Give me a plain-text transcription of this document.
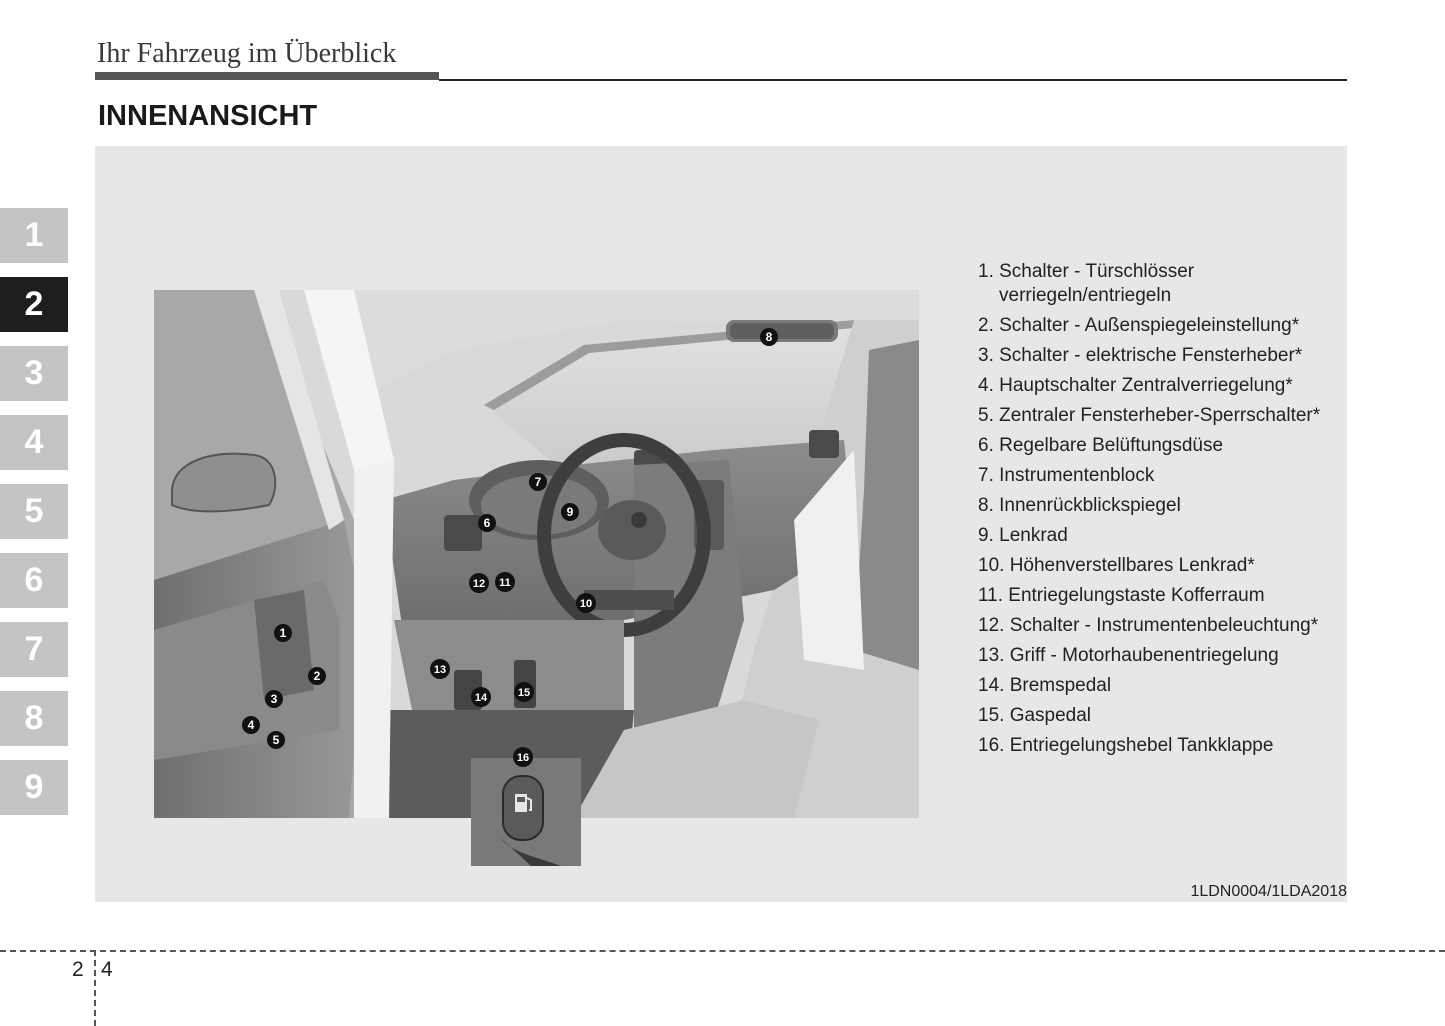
Ihr Fahrzeug im Überblick
INNENANSICHT
1
2
3
4
5
6
7
8
9
1
2
3
4
5
6
7
8
9
10
11
12
13
14	15
16
1. Schalter - Türschlösser
verriegeln/entriegeln
2. Schalter - Außenspiegeleinstellung*
3. Schalter - elektrische Fensterheber*
4. Hauptschalter Zentralverriegelung*
5. Zentraler Fensterheber-Sperrschalter*
6. Regelbare Belüftungsdüse
7. Instrumentenblock
8. Innenrückblickspiegel
9. Lenkrad
10. Höhenverstellbares Lenkrad*
11. Entriegelungstaste Kofferraum
12. Schalter - Instrumentenbeleuchtung*
13. Griff - Motorhaubenentriegelung
14. Bremspedal
15. Gaspedal
16. Entriegelungshebel Tankklappe
1LDN0004/1LDA2018
2 4
